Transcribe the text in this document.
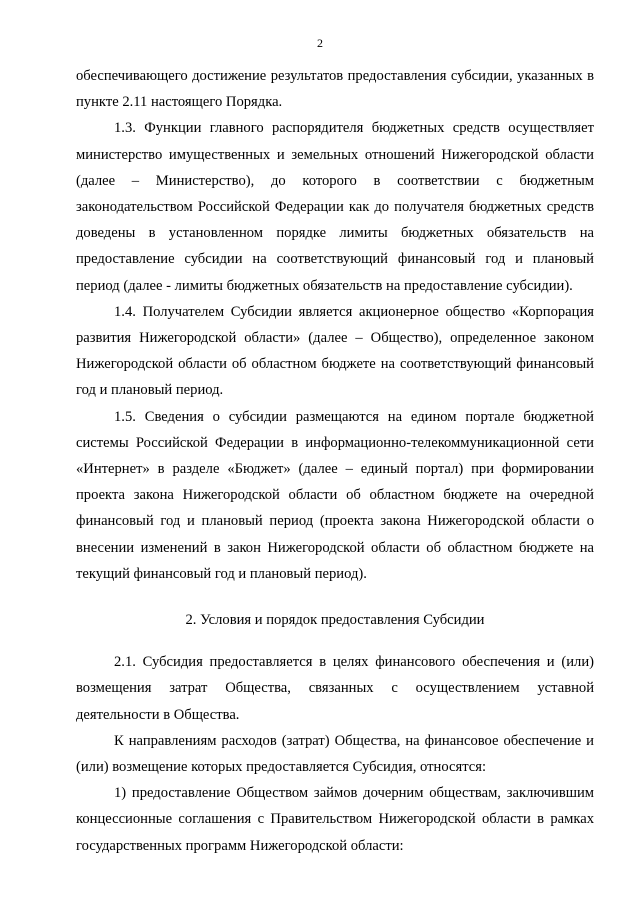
2

обеспечивающего достижение результатов предоставления субсидии, указанных в пункте 2.11 настоящего Порядка.

1.3. Функции главного распорядителя бюджетных средств осуществляет министерство имущественных и земельных отношений Нижегородской области (далее – Министерство), до которого в соответствии с бюджетным законодательством Российской Федерации как до получателя бюджетных средств доведены в установленном порядке лимиты бюджетных обязательств на предоставление субсидии на соответствующий финансовый год и плановый период (далее - лимиты бюджетных обязательств на предоставление субсидии).

1.4. Получателем Субсидии является акционерное общество «Корпорация развития Нижегородской области» (далее – Общество), определенное законом Нижегородской области об областном бюджете на соответствующий финансовый год и плановый период.

1.5. Сведения о субсидии размещаются на едином портале бюджетной системы Российской Федерации в информационно-телекоммуникационной сети «Интернет» в разделе «Бюджет» (далее – единый портал) при формировании проекта закона Нижегородской области об областном бюджете на очередной финансовый год и плановый период (проекта закона Нижегородской области о внесении изменений в закон Нижегородской области об областном бюджете на текущий финансовый год и плановый период).

2. Условия и порядок предоставления Субсидии

2.1. Субсидия предоставляется в целях финансового обеспечения и (или) возмещения затрат Общества, связанных с осуществлением уставной деятельности в Общества.

К направлениям расходов (затрат) Общества, на финансовое обеспечение и (или) возмещение которых предоставляется Субсидия, относятся:

1) предоставление Обществом займов дочерним обществам, заключившим концессионные соглашения с Правительством Нижегородской области в рамках государственных программ Нижегородской области:
